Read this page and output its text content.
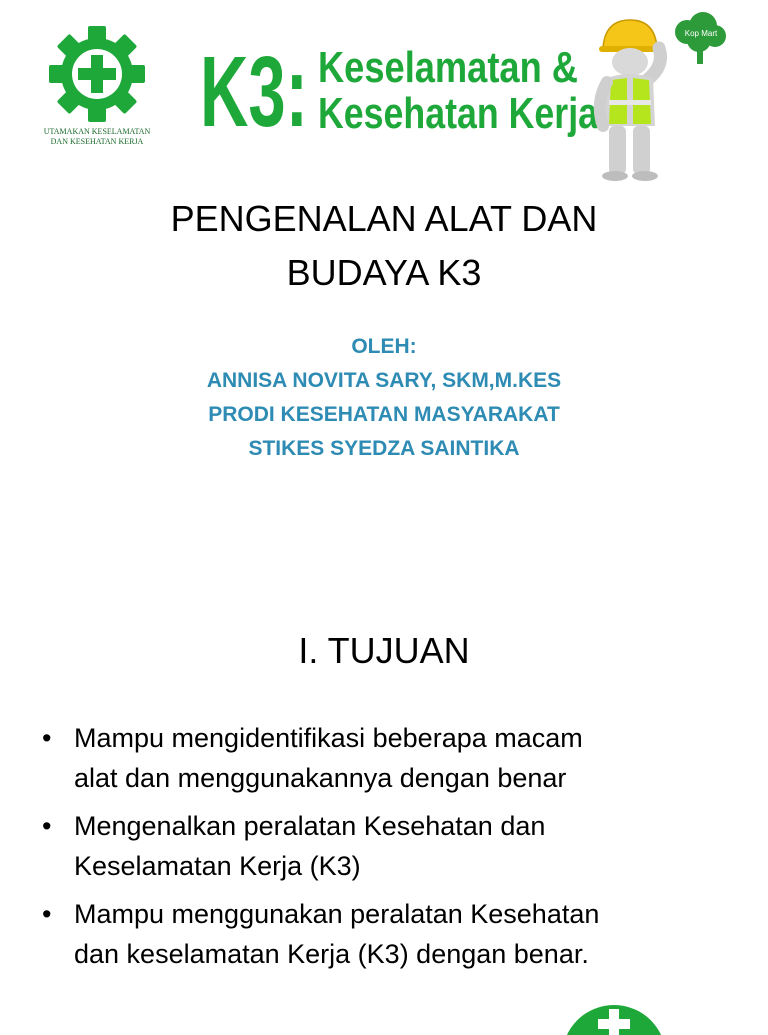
UTAMAKAN KESELAMATAN
DAN KESEHATAN KERJA K3: Keselamatan &
Kesehatan Kerja
Kop Mart
PENGENALAN ALAT DAN
BUDAYA K3
OLEH:
ANNISA NOVITA SARY, SKM,M.KES
PRODI KESEHATAN MASYARAKAT
STIKES SYEDZA SAINTIKA
I. TUJUAN
• Mampu mengidentifikasi beberapa macam
alat dan menggunakannya dengan benar
• Mengenalkan peralatan Kesehatan dan
Keselamatan Kerja (K3)
• Mampu menggunakan peralatan Kesehatan
dan keselamatan Kerja (K3) dengan benar.
